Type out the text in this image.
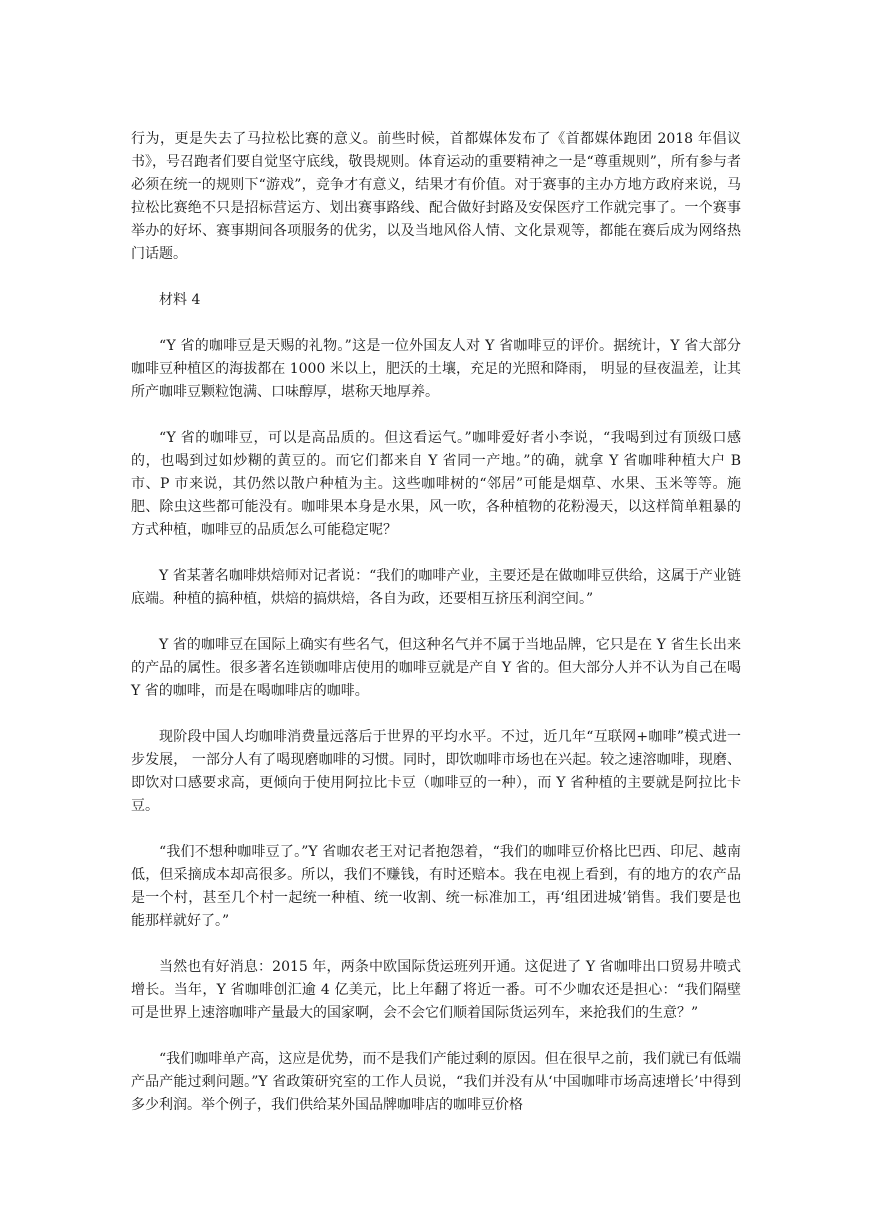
行为，更是失去了马拉松比赛的意义。前些时候，首都媒体发布了《首都媒体跑团 2018 年倡议书》，号召跑者们要自觉坚守底线，敬畏规则。体育运动的重要精神之一是“尊重规则”，所有参与者必须在统一的规则下“游戏”，竞争才有意义，结果才有价值。对于赛事的主办方地方政府来说，马拉松比赛绝不只是招标营运方、划出赛事路线、配合做好封路及安保医疗工作就完事了。一个赛事举办的好坏、赛事期间各项服务的优劣，以及当地风俗人情、文化景观等，都能在赛后成为网络热门话题。

材料 4

“Y 省的咖啡豆是天赐的礼物。”这是一位外国友人对 Y 省咖啡豆的评价。据统计，Y 省大部分咖啡豆种植区的海拔都在 1000 米以上，肥沃的土壤，充足的光照和降雨， 明显的昼夜温差，让其所产咖啡豆颗粒饱满、口味醇厚，堪称天地厚养。

“Y 省的咖啡豆，可以是高品质的。但这看运气。”咖啡爱好者小李说，“我喝到过有顶级口感的，也喝到过如炒糊的黄豆的。而它们都来自 Y 省同一产地。”的确，就拿 Y 省咖啡种植大户 B 市、P 市来说，其仍然以散户种植为主。这些咖啡树的“邻居”可能是烟草、水果、玉米等等。施肥、除虫这些都可能没有。咖啡果本身是水果，风一吹，各种植物的花粉漫天，以这样简单粗暴的方式种植，咖啡豆的品质怎么可能稳定呢？

Y 省某著名咖啡烘焙师对记者说：“我们的咖啡产业，主要还是在做咖啡豆供给，这属于产业链底端。种植的搞种植，烘焙的搞烘焙，各自为政，还要相互挤压利润空间。”

Y 省的咖啡豆在国际上确实有些名气，但这种名气并不属于当地品牌，它只是在 Y 省生长出来的产品的属性。很多著名连锁咖啡店使用的咖啡豆就是产自 Y 省的。但大部分人并不认为自己在喝 Y 省的咖啡，而是在喝咖啡店的咖啡。

现阶段中国人均咖啡消费量远落后于世界的平均水平。不过，近几年“互联网+咖啡”模式进一步发展， 一部分人有了喝现磨咖啡的习惯。同时，即饮咖啡市场也在兴起。较之速溶咖啡，现磨、即饮对口感要求高，更倾向于使用阿拉比卡豆（咖啡豆的一种），而 Y 省种植的主要就是阿拉比卡豆。

“我们不想种咖啡豆了。”Y 省咖农老王对记者抱怨着，“我们的咖啡豆价格比巴西、印尼、越南低，但采摘成本却高很多。所以，我们不赚钱，有时还赔本。我在电视上看到，有的地方的农产品是一个村，甚至几个村一起统一种植、统一收割、统一标准加工，再‘组团进城’销售。我们要是也能那样就好了。”

当然也有好消息：2015 年，两条中欧国际货运班列开通。这促进了 Y 省咖啡出口贸易井喷式增长。当年，Y 省咖啡创汇逾 4 亿美元，比上年翻了将近一番。可不少咖农还是担心：“我们隔壁可是世界上速溶咖啡产量最大的国家啊，会不会它们顺着国际货运列车，来抢我们的生意？”

“我们咖啡单产高，这应是优势，而不是我们产能过剩的原因。但在很早之前，我们就已有低端产品产能过剩问题。”Y 省政策研究室的工作人员说，“我们并没有从‘中国咖啡市场高速增长’中得到多少利润。举个例子，我们供给某外国品牌咖啡店的咖啡豆价格
